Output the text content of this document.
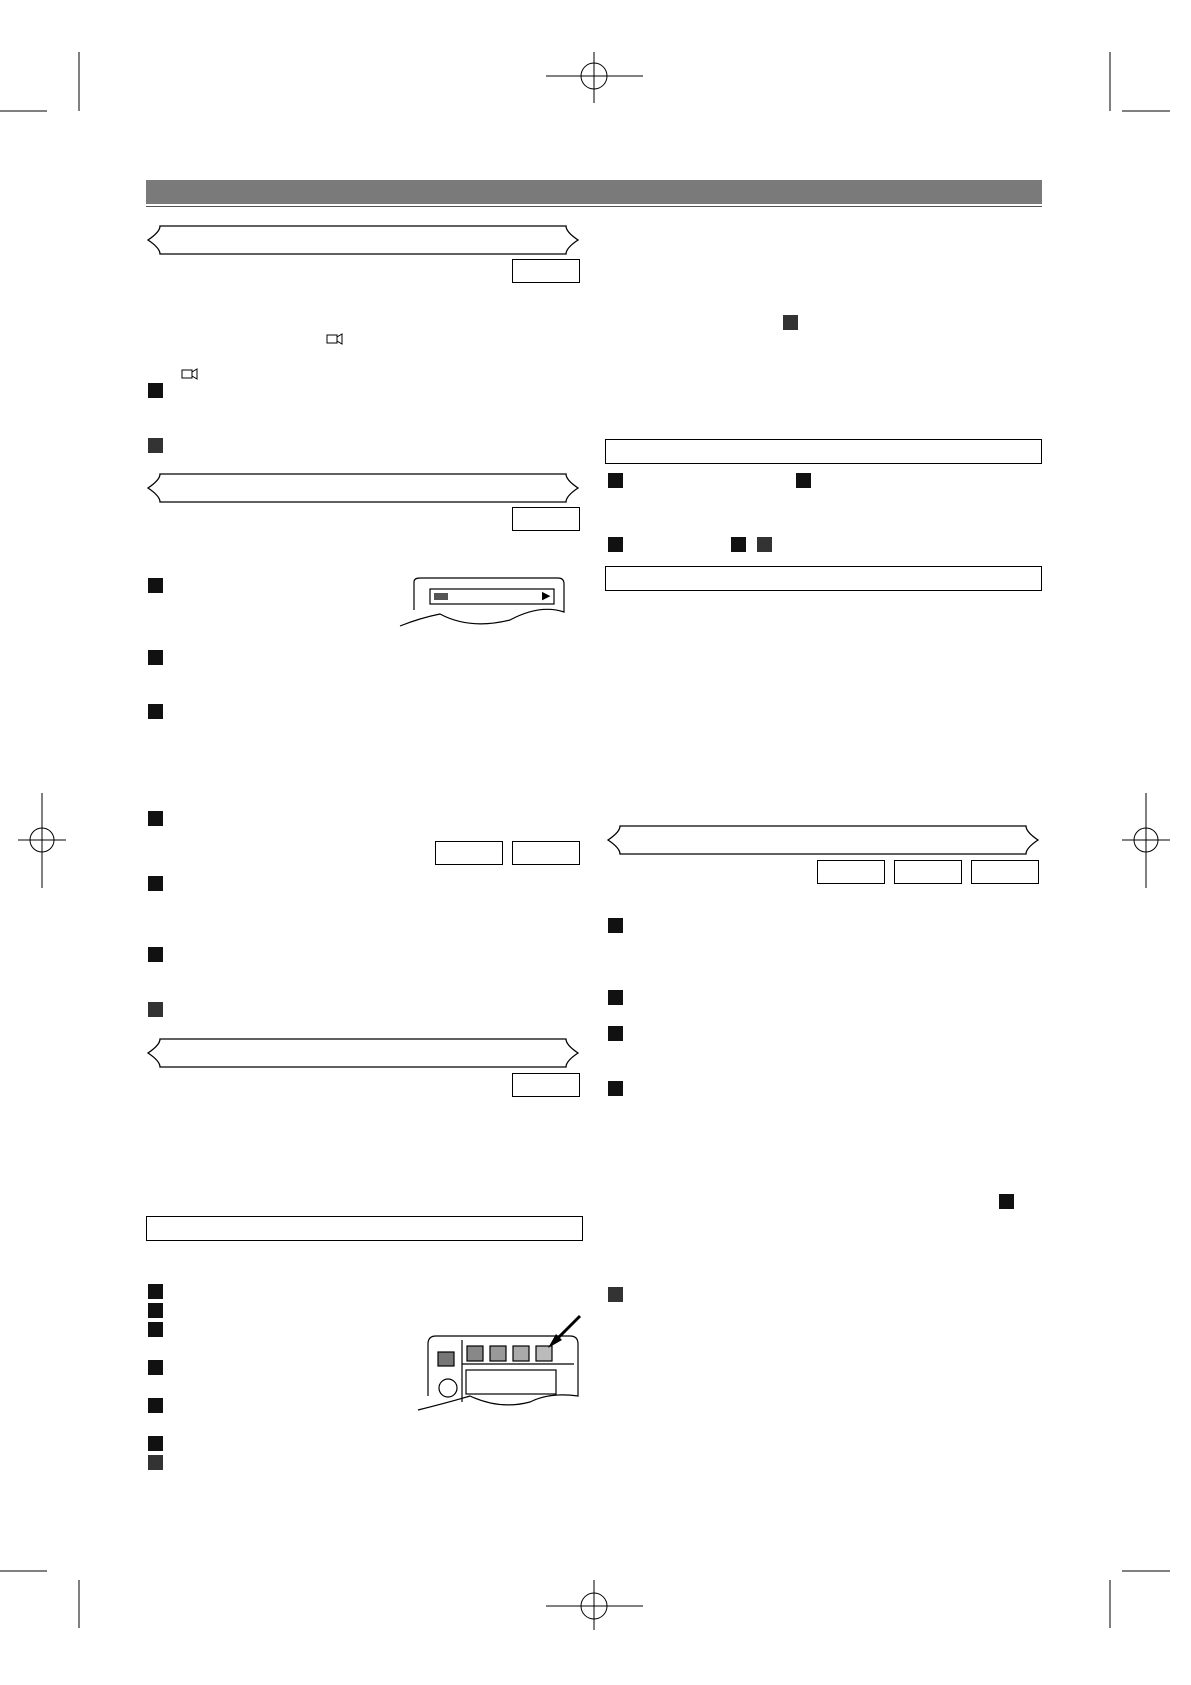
▶
